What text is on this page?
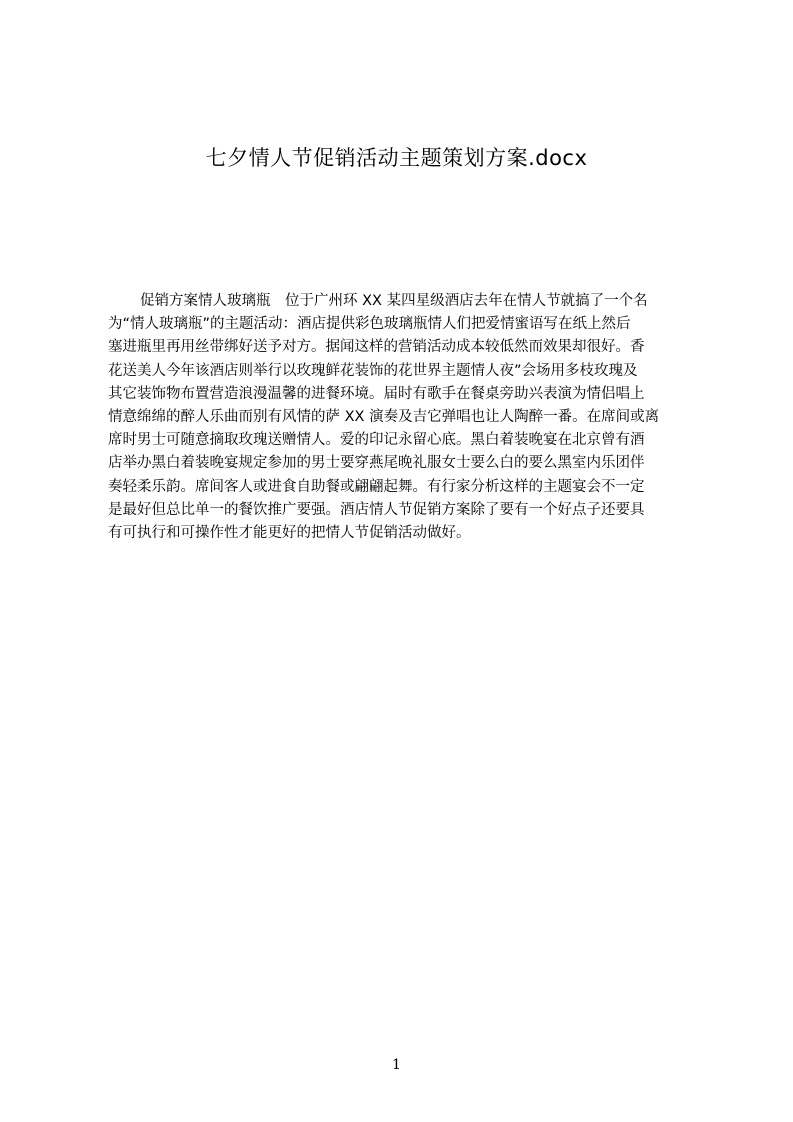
七夕情人节促销活动主题策划方案.docx
促销方案情人玻璃瓶　位于广州环 XX 某四星级酒店去年在情人节就搞了一个名
为“情人玻璃瓶”的主题活动：酒店提供彩色玻璃瓶情人们把爱情蜜语写在纸上然后
塞进瓶里再用丝带绑好送予对方。据闻这样的营销活动成本较低然而效果却很好。香
花送美人今年该酒店则举行以玫瑰鲜花装饰的花世界主题情人夜”会场用多枝玫瑰及
其它装饰物布置营造浪漫温馨的进餐环境。届时有歌手在餐桌旁助兴表演为情侣唱上
情意绵绵的醉人乐曲而别有风情的萨 XX 演奏及吉它弹唱也让人陶醉一番。在席间或离
席时男士可随意摘取玫瑰送赠情人。爱的印记永留心底。黑白着装晚宴在北京曾有酒
店举办黑白着装晚宴规定参加的男士要穿燕尾晚礼服女士要么白的要么黑室内乐团伴
奏轻柔乐韵。席间客人或进食自助餐或翩翩起舞。有行家分析这样的主题宴会不一定
是最好但总比单一的餐饮推广要强。酒店情人节促销方案除了要有一个好点子还要具
有可执行和可操作性才能更好的把情人节促销活动做好。
1
